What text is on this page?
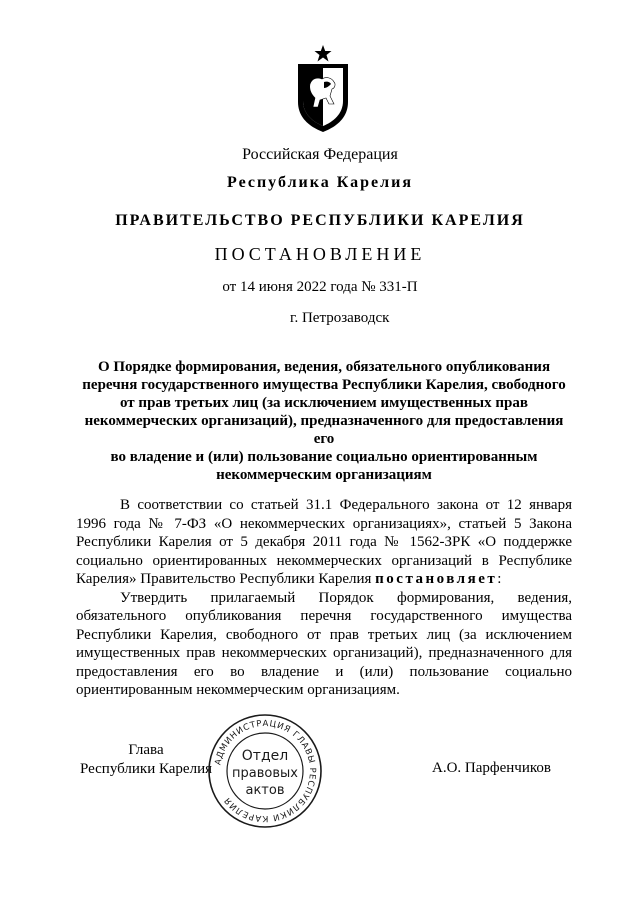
Российская Федерация
Республика Карелия
ПРАВИТЕЛЬСТВО РЕСПУБЛИКИ КАРЕЛИЯ
ПОСТАНОВЛЕНИЕ
от 14 июня 2022 года № 331-П
г. Петрозаводск
О Порядке формирования, ведения, обязательного опубликования
перечня государственного имущества Республики Карелия, свободного
от прав третьих лиц (за исключением имущественных прав
некоммерческих организаций), предназначенного для предоставления его
во владение и (или) пользование социально ориентированным
некоммерческим организациям

В соответствии со статьей 31.1 Федерального закона от 12 января 1996 года № 7-ФЗ «О некоммерческих организациях», статьей 5 Закона Республики Карелия от 5 декабря 2011 года № 1562-ЗРК «О поддержке социально ориентированных некоммерческих организаций в Республике Карелия» Правительство Республики Карелия постановляет:

Утвердить прилагаемый Порядок формирования, ведения, обязательного опубликования перечня государственного имущества Республики Карелия, свободного от прав третьих лиц (за исключением имущественных прав некоммерческих организаций), предназначенного для предоставления его во владение и (или) пользование социально ориентированным некоммерческим организациям.

Глава
Республики Карелия АДМИНИСТРАЦИЯ ГЛАВЫ РЕСПУБЛИКИ КАРЕЛИЯ
Отдел
правовых
актов
А.О. Парфенчиков
